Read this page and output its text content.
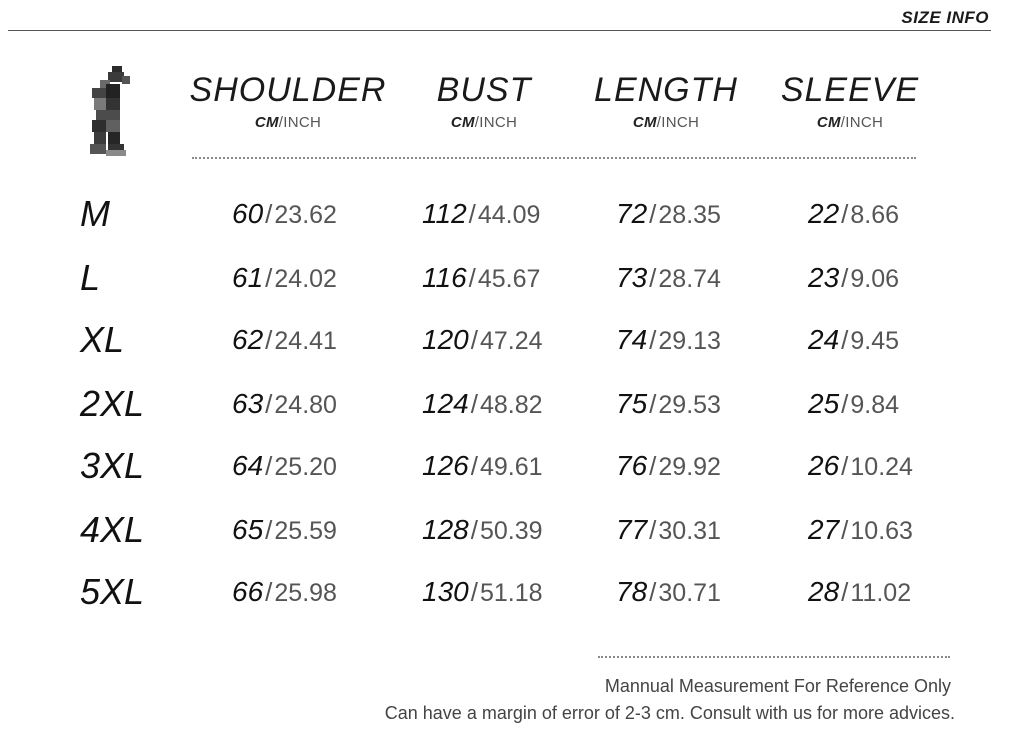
SIZE INFO
SHOULDER
CM/INCH
BUST
CM/INCH
LENGTH
CM/INCH
SLEEVE
CM/INCH
M	60/23.62	112/44.09	72/28.35	22/8.66
L	61/24.02	116/45.67	73/28.74	23/9.06
XL	62/24.41	120/47.24	74/29.13	24/9.45
2XL	63/24.80	124/48.82	75/29.53	25/9.84
3XL	64/25.20	126/49.61	76/29.92	26/10.24
4XL	65/25.59	128/50.39	77/30.31	27/10.63
5XL	66/25.98	130/51.18	78/30.71	28/11.02
Mannual Measurement For Reference Only
Can have a margin of error of 2-3 cm. Consult with us for more advices.
